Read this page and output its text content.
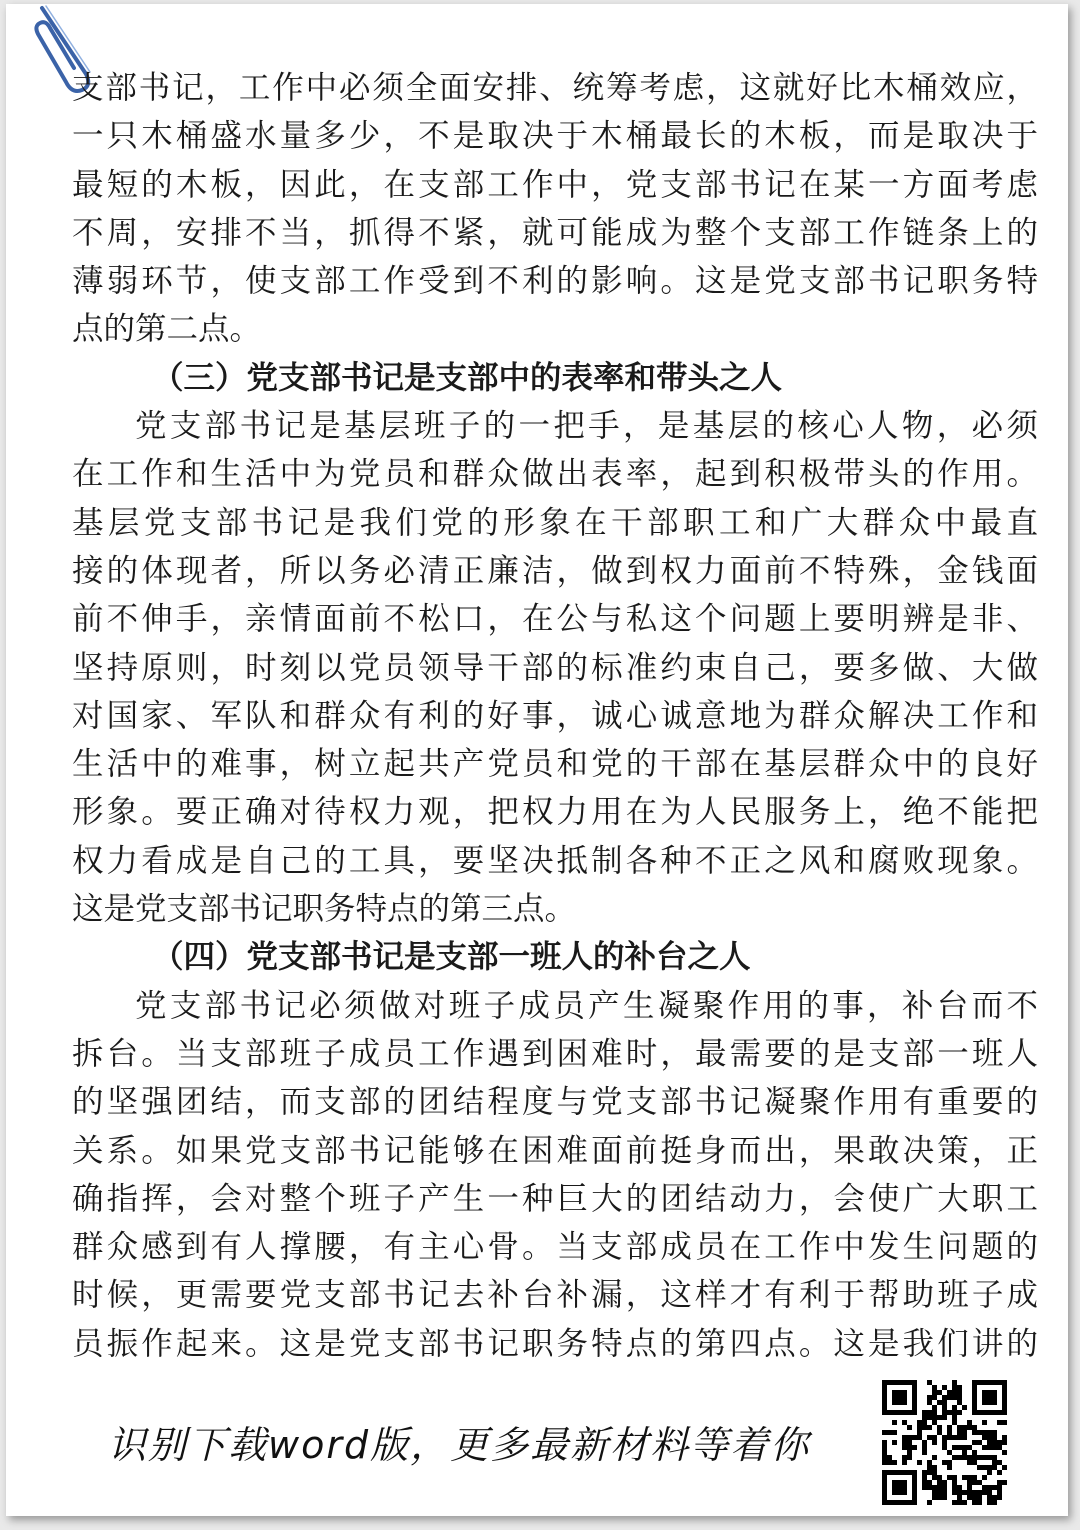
支部书记，工作中必须全面安排、统筹考虑，这就好比木桶效应，
一只木桶盛水量多少，不是取决于木桶最长的木板，而是取决于
最短的木板，因此，在支部工作中，党支部书记在某一方面考虑
不周，安排不当，抓得不紧，就可能成为整个支部工作链条上的
薄弱环节，使支部工作受到不利的影响。这是党支部书记职务特
点的第二点。
（三）党支部书记是支部中的表率和带头之人
党支部书记是基层班子的一把手，是基层的核心人物，必须
在工作和生活中为党员和群众做出表率，起到积极带头的作用。
基层党支部书记是我们党的形象在干部职工和广大群众中最直
接的体现者，所以务必清正廉洁，做到权力面前不特殊，金钱面
前不伸手，亲情面前不松口，在公与私这个问题上要明辨是非、
坚持原则，时刻以党员领导干部的标准约束自己，要多做、大做
对国家、军队和群众有利的好事，诚心诚意地为群众解决工作和
生活中的难事，树立起共产党员和党的干部在基层群众中的良好
形象。要正确对待权力观，把权力用在为人民服务上，绝不能把
权力看成是自己的工具，要坚决抵制各种不正之风和腐败现象。
这是党支部书记职务特点的第三点。
（四）党支部书记是支部一班人的补台之人
党支部书记必须做对班子成员产生凝聚作用的事，补台而不
拆台。当支部班子成员工作遇到困难时，最需要的是支部一班人
的坚强团结，而支部的团结程度与党支部书记凝聚作用有重要的
关系。如果党支部书记能够在困难面前挺身而出，果敢决策，正
确指挥，会对整个班子产生一种巨大的团结动力，会使广大职工
群众感到有人撑腰，有主心骨。当支部成员在工作中发生问题的
时候，更需要党支部书记去补台补漏，这样才有利于帮助班子成
员振作起来。这是党支部书记职务特点的第四点。这是我们讲的
识别下载word版，更多最新材料等着你
